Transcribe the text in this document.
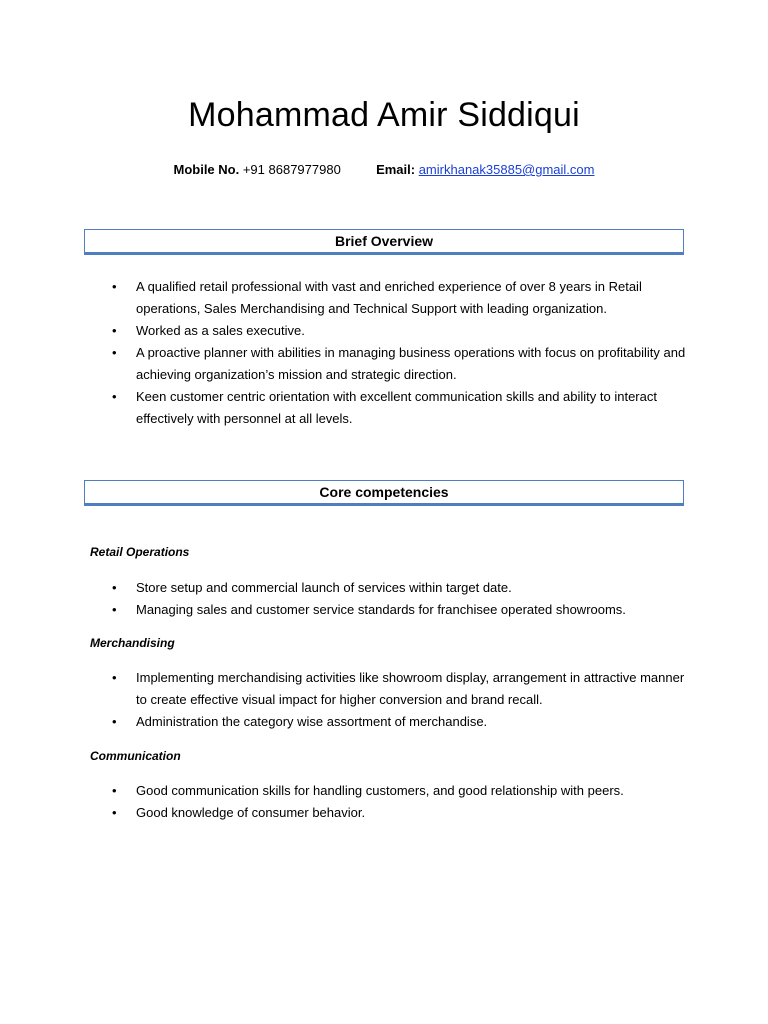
Mohammad Amir Siddiqui
Mobile No. +91 8687977980	Email: amirkhanak35885@gmail.com
Brief Overview
• A qualified retail professional with vast and enriched experience of over 8 years in Retail operations, Sales Merchandising and Technical Support with leading organization.
• Worked as a sales executive.
• A proactive planner with abilities in managing business operations with focus on profitability and achieving organization’s mission and strategic direction.
• Keen customer centric orientation with excellent communication skills and ability to interact effectively with personnel at all levels.
Core competencies
Retail Operations
• Store setup and commercial launch of services within target date.
• Managing sales and customer service standards for franchisee operated showrooms.
Merchandising
• Implementing merchandising activities like showroom display, arrangement in attractive manner to create effective visual impact for higher conversion and brand recall.
• Administration the category wise assortment of merchandise.
Communication
• Good communication skills for handling customers, and good relationship with peers.
• Good knowledge of consumer behavior.
